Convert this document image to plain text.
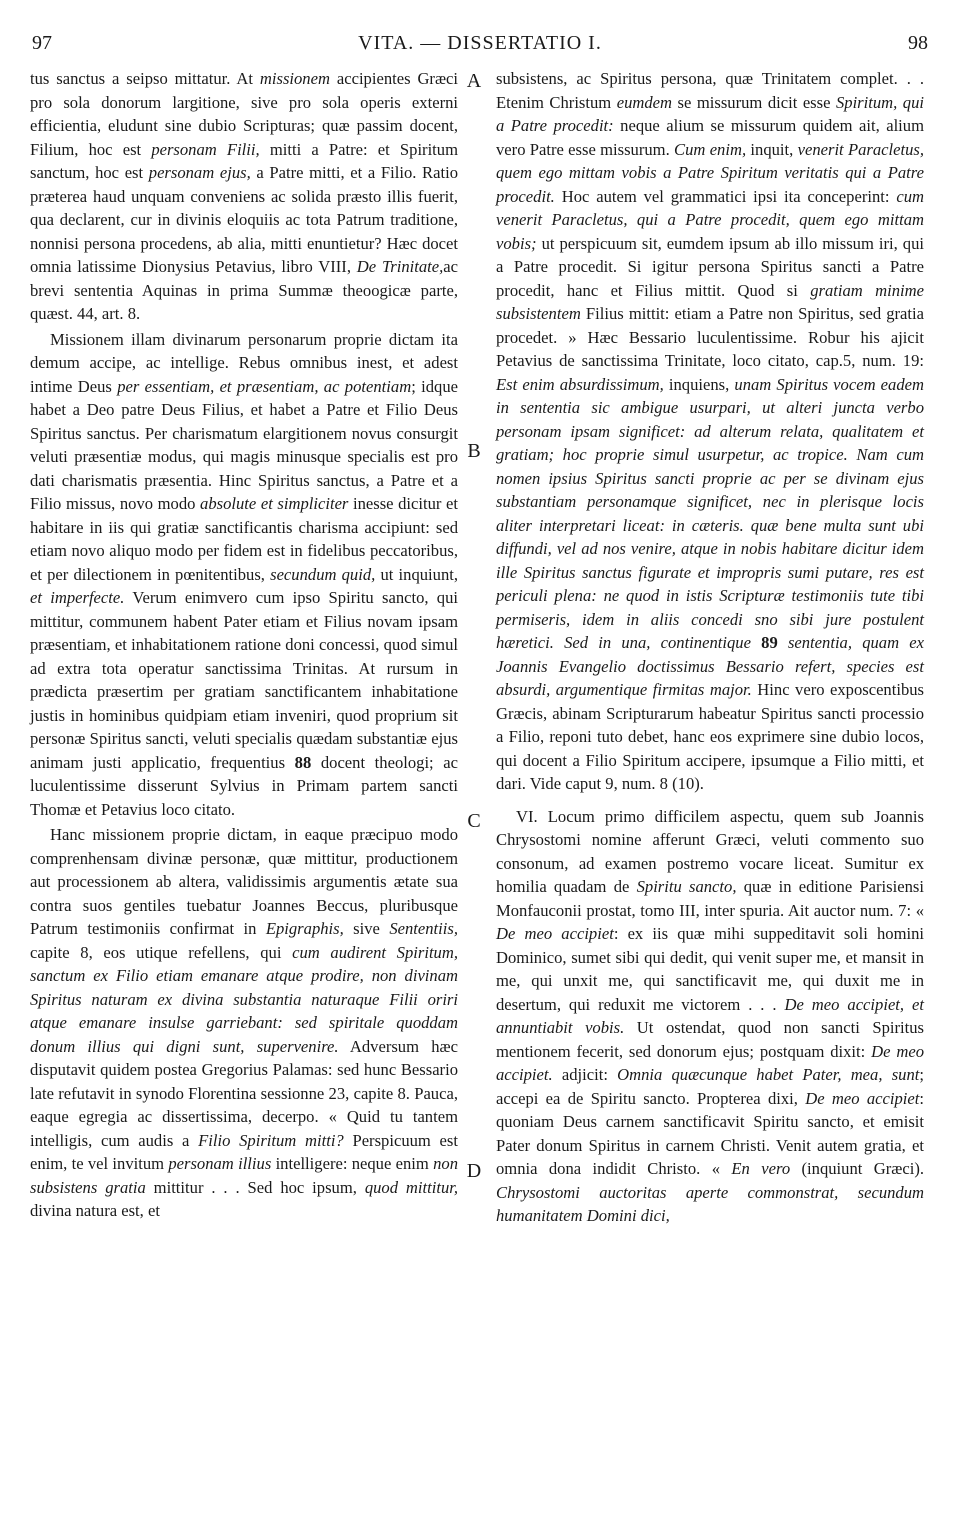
97	VITA. — DISSERTATIO I.	98
A
B
C
D

tus sanctus a seipso mittatur. At missionem accipientes Græci pro sola donorum largitione, sive pro sola operis externi efficientia, eludunt sine dubio Scripturas; quæ passim docent, Filium, hoc est personam Filii, mitti a Patre: et Spiritum sanctum, hoc est personam ejus, a Patre mitti, et a Filio. Ratio præterea haud unquam conveniens ac solida præsto illis fuerit, qua declarent, cur in divinis eloquiis ac tota Patrum traditione, nonnisi persona procedens, ab alia, mitti enuntietur? Hæc docet omnia latissime Dionysius Petavius, libro VIII, De Trinitate,ac brevi sententia Aquinas in prima Summæ theoogicæ parte, quæst. 44, art. 8.

Missionem illam divinarum personarum proprie dictam ita demum accipe, ac intellige. Rebus omnibus inest, et adest intime Deus per essentiam, et præsentiam, ac potentiam; idque habet a Deo patre Deus Filius, et habet a Patre et Filio Deus Spiritus sanctus. Per charismatum elargitionem novus consurgit veluti præsentiæ modus, qui magis minusque specialis est pro dati charismatis præsentia. Hinc Spiritus sanctus, a Patre et a Filio missus, novo modo absolute et simpliciter inesse dicitur et habitare in iis qui gratiæ sanctificantis charisma accipiunt: sed etiam novo aliquo modo per fidem est in fidelibus peccatoribus, et per dilectionem in pœnitentibus, secundum quid, ut inquiunt, et imperfecte. Verum enimvero cum ipso Spiritu sancto, qui mittitur, communem habent Pater etiam et Filius novam ipsam præsentiam, et inhabitationem ratione doni concessi, quod simul ad extra tota operatur sanctissima Trinitas. At rursum in prædicta præsertim per gratiam sanctificantem inhabitatione justis in hominibus quidpiam etiam inveniri, quod proprium sit personæ Spiritus sancti, veluti specialis quædam substantiæ ejus animam justi applicatio, frequentius 88 docent theologi; ac luculentissime disserunt Sylvius in Primam partem sancti Thomæ et Petavius loco citato.

Hanc missionem proprie dictam, in eaque præcipuo modo comprenhensam divinæ personæ, quæ mittitur, productionem aut processionem ab altera, validissimis argumentis ætate sua contra suos gentiles tuebatur Joannes Beccus, pluribusque Patrum testimoniis confirmat in Epigraphis, sive Sententiis, capite 8, eos utique refellens, qui cum audirent Spiritum, sanctum ex Filio etiam emanare atque prodire, non divinam Spiritus naturam ex divina substantia naturaque Filii oriri atque emanare insulse garriebant: sed spiritale quoddam donum illius qui digni sunt, supervenire. Adversum hæc disputavit quidem postea Gregorius Palamas: sed hunc Bessario late refutavit in synodo Florentina sessionne 23, capite 8. Pauca, eaque egregia ac dissertissima, decerpo. « Quid tu tantem intelligis, cum audis a Filio Spiritum mitti? Perspicuum est enim, te vel invitum personam illius intelligere: neque enim non subsistens gratia mittitur . . . Sed hoc ipsum, quod mittitur, divina natura est, et

subsistens, ac Spiritus persona, quæ Trinitatem complet. . . Etenim Christum eumdem se missurum dicit esse Spiritum, qui a Patre procedit: neque alium se missurum quidem ait, alium vero Patre esse missurum. Cum enim, inquit, venerit Paracletus, quem ego mittam vobis a Patre Spiritum veritatis qui a Patre procedit. Hoc autem vel grammatici ipsi ita conceperint: cum venerit Paracletus, qui a Patre procedit, quem ego mittam vobis; ut perspicuum sit, eumdem ipsum ab illo missum iri, qui a Patre procedit. Si igitur persona Spiritus sancti a Patre procedit, hanc et Filius mittit. Quod si gratiam minime subsistentem Filius mittit: etiam a Patre non Spiritus, sed gratia procedet. » Hæc Bessario luculentissime. Robur his ajicit Petavius de sanctissima Trinitate, loco citato, cap.5, num. 19: Est enim absurdissimum, inquiens, unam Spiritus vocem eadem in sententia sic ambigue usurpari, ut alteri juncta verbo personam ipsam significet: ad alterum relata, qualitatem et gratiam; hoc proprie simul usurpetur, ac tropice. Nam cum nomen ipsius Spiritus sancti proprie ac per se divinam ejus substantiam personamque significet, nec in plerisque locis aliter interpretari liceat: in cæteris. quæ bene multa sunt ubi diffundi, vel ad nos venire, atque in nobis habitare dicitur idem ille Spiritus sanctus figurate et impropris sumi putare, res est periculi plena: ne quod in istis Scripturæ testimoniis tute tibi permiseris, idem in aliis concedi sno sibi jure postulent hæretici. Sed in una, continentique 89 sententia, quam ex Joannis Evangelio doctissimus Bessario refert, species est absurdi, argumentique firmitas major. Hinc vero exposcentibus Græcis, abinam Scripturarum habeatur Spiritus sancti processio a Filio, reponi tuto debet, hanc eos exprimere sine dubio locos, qui docent a Filio Spiritum accipere, ipsumque a Filio mitti, et dari. Vide caput 9, num. 8 (10).

VI. Locum primo difficilem aspectu, quem sub Joannis Chrysostomi nomine afferunt Græci, veluti commento suo consonum, ad examen postremo vocare liceat. Sumitur ex homilia quadam de Spiritu sancto, quæ in editione Parisiensi Monfauconii prostat, tomo III, inter spuria. Ait auctor num. 7: « De meo accipiet: ex iis quæ mihi suppeditavit soli homini Dominico, sumet sibi qui dedit, qui venit super me, et mansit in me, qui unxit me, qui sanctificavit me, qui duxit me in desertum, qui reduxit me victorem . . . De meo accipiet, et annuntiabit vobis. Ut ostendat, quod non sancti Spiritus mentionem fecerit, sed donorum ejus; postquam dixit: De meo accipiet. adjicit: Omnia quæcunque habet Pater, mea, sunt; accepi ea de Spiritu sancto. Propterea dixi, De meo accipiet: quoniam Deus carnem sanctificavit Spiritu sancto, et emisit Pater donum Spiritus in carnem Christi. Venit autem gratia, et omnia dona indidit Christo. « En vero (inquiunt Græci). Chrysostomi auctoritas aperte commonstrat, secundum humanitatem Domini dici,
